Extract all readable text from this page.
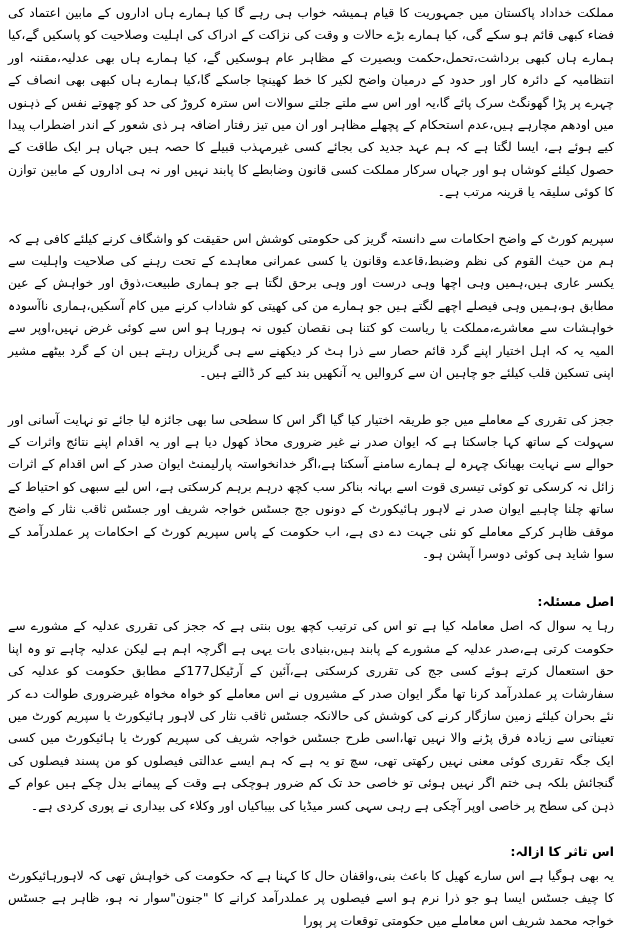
مملکت خداداد پاکستان میں جمہوریت کا قیام ہمیشہ خواب ہی رہے گا کیا ہمارے ہاں اداروں کے مابین اعتماد کی فضاء کبھی قائم ہو سکے گی، کیا ہمارے بڑے حالات و وقت کی نزاکت کے ادراک کی اہلیت وصلاحیت کو پاسکیں گے،کیا ہمارے ہاں کبھی برداشت،تحمل،حکمت وبصیرت کے مظاہر عام ہوسکیں گے، کیا ہمارے ہاں بھی عدلیہ،مقننہ اور انتظامیہ کے دائرہ کار اور حدود کے درمیان واضح لکیر کا خط کھینچا جاسکے گا،کیا ہمارے ہاں کبھی بھی انصاف کے چہرے پر پڑا گھونگٹ سرک پائے گا،یہ اور اس سے ملتے جلتے سوالات اس سترہ کروڑ کی حد کو چھوتے نفس کے ذہنوں میں اودھم مچارہے ہیں،عدم استحکام کے پچھلے مظاہر اور ان میں تیز رفتار اضافہ ہر ذی شعور کے اندر اضطراب پیدا کیے ہوئے ہے، ایسا لگتا ہے کہ ہم عہد جدید کی بجائے کسی غیرمہذب قبیلے کا حصہ ہیں جہاں ہر ایک طاقت کے حصول کیلئے کوشاں ہو اور جہاں سرکار مملکت کسی قانون وضابطے کا پابند نہیں اور نہ ہی اداروں کے مابین توازن کا کوئی سلیقہ یا قرینہ مرتب ہے۔

سپریم کورٹ کے واضح احکامات سے دانستہ گریز کی حکومتی کوشش اس حقیقت کو واشگاف کرنے کیلئے کافی ہے کہ ہم من حیث القوم کی نظم وضبط،قاعدے وقانون یا کسی عمرانی معاہدے کے تحت رہنے کی صلاحیت واہلیت سے یکسر عاری ہیں،ہمیں وہی اچھا وہی درست اور وہی برحق لگتا ہے جو ہماری طبیعت،ذوق اور خواہش کے عین مطابق ہو،ہمیں وہی فیصلے اچھے لگتے ہیں جو ہمارے من کی کھیتی کو شاداب کرنے میں کام آسکیں،ہماری ناآسودہ خواہشات سے معاشرے،مملکت یا ریاست کو کتنا ہی نقصان کیوں نہ ہورہا ہو اس سے کوئی غرض نہیں،اوپر سے المیہ یہ کہ اہل اختیار اپنے گرد قائم حصار سے ذرا ہٹ کر دیکھنے سے ہی گریزاں رہتے ہیں ان کے گرد بیٹھے مشیر اپنی تسکین قلب کیلئے جو چاہیں ان سے کروالیں یہ آنکھیں بند کیے کر ڈالتے ہیں۔

ججز کی تقرری کے معاملے میں جو طریقہ اختیار کیا گیا اگر اس کا سطحی سا بھی جائزہ لیا جائے تو نہایت آسانی اور سہولت کے ساتھ کہا جاسکتا ہے کہ ایوان صدر نے غیر ضروری محاذ کھول دیا ہے اور یہ اقدام اپنے نتائج واثرات کے حوالے سے نہایت بھیانک چہرہ لے ہمارے سامنے آسکتا ہے،اگر خدانخواستہ پارلیمنٹ ایوان صدر کے اس اقدام کے اثرات زائل نہ کرسکی تو کوئی تیسری قوت اسے بہانہ بناکر سب کچھ درہم برہم کرسکتی ہے، اس لیے سبھی کو احتیاط کے ساتھ چلنا چاہیے ایوان صدر نے لاہور ہائیکورٹ کے دونوں جج جسٹس خواجہ شریف اور جسٹس ثاقب نثار کے واضح موقف ظاہر کرکے معاملے کو نئی جہت دے دی ہے، اب حکومت کے پاس سپریم کورٹ کے احکامات پر عملدرآمد کے سوا شاید ہی کوئی دوسرا آپشن ہو۔

اصل مسئلہ:

رہا یہ سوال کہ اصل معاملہ کیا ہے تو اس کی ترتیب کچھ یوں بنتی ہے کہ ججز کی تقرری عدلیہ کے مشورے سے حکومت کرتی ہے،صدر عدلیہ کے مشورے کے پابند ہیں،بنیادی بات یہی ہے اگرچہ اہم ہے لیکن عدلیہ چاہے تو وہ اپنا حق استعمال کرتے ہوئے کسی جج کی تقرری کرسکتی ہے،آئین کے آرٹیکل177کے مطابق حکومت کو عدلیہ کی سفارشات پر عملدرآمد کرنا تھا مگر ایوان صدر کے مشیروں نے اس معاملے کو خواہ مخواہ غیرضروری طوالت دے کر نئے بحران کیلئے زمین سازگار کرنے کی کوشش کی حالانکہ جسٹس ثاقب نثار کی لاہور ہائیکورٹ یا سپریم کورٹ میں تعیناتی سے زیادہ فرق پڑنے والا نہیں تھا،اسی طرح جسٹس خواجہ شریف کی سپریم کورٹ یا ہائیکورٹ میں کسی ایک جگہ تقرری کوئی معنی نہیں رکھتی تھی، سچ تو یہ ہے کہ ہم ایسے عدالتی فیصلوں کو من پسند فیصلوں کی گنجائش بلکہ ہی ختم اگر نہیں ہوئی تو خاصی حد تک کم ضرور ہوچکی ہے وقت کے پیمانے بدل چکے ہیں عوام کے ذہن کی سطح پر خاصی اوپر آچکی ہے رہی سہی کسر میڈیا کی بیباکیاں اور وکلاء کی بیداری نے پوری کردی ہے۔

اس تاثر کا ازالہ:

یہ بھی ہوگیا ہے اس سارے کھیل کا باعث بنی،واقفان حال کا کہنا ہے کہ حکومت کی خواہش تھی کہ لاہورہائیکورٹ کا چیف جسٹس ایسا ہو جو ذرا نرم ہو اسے فیصلوں پر عملدرآمد کرانے کا "جنون"سوار نہ ہو، ظاہر ہے جسٹس خواجہ محمد شریف اس معاملے میں حکومتی توقعات پر پورا
